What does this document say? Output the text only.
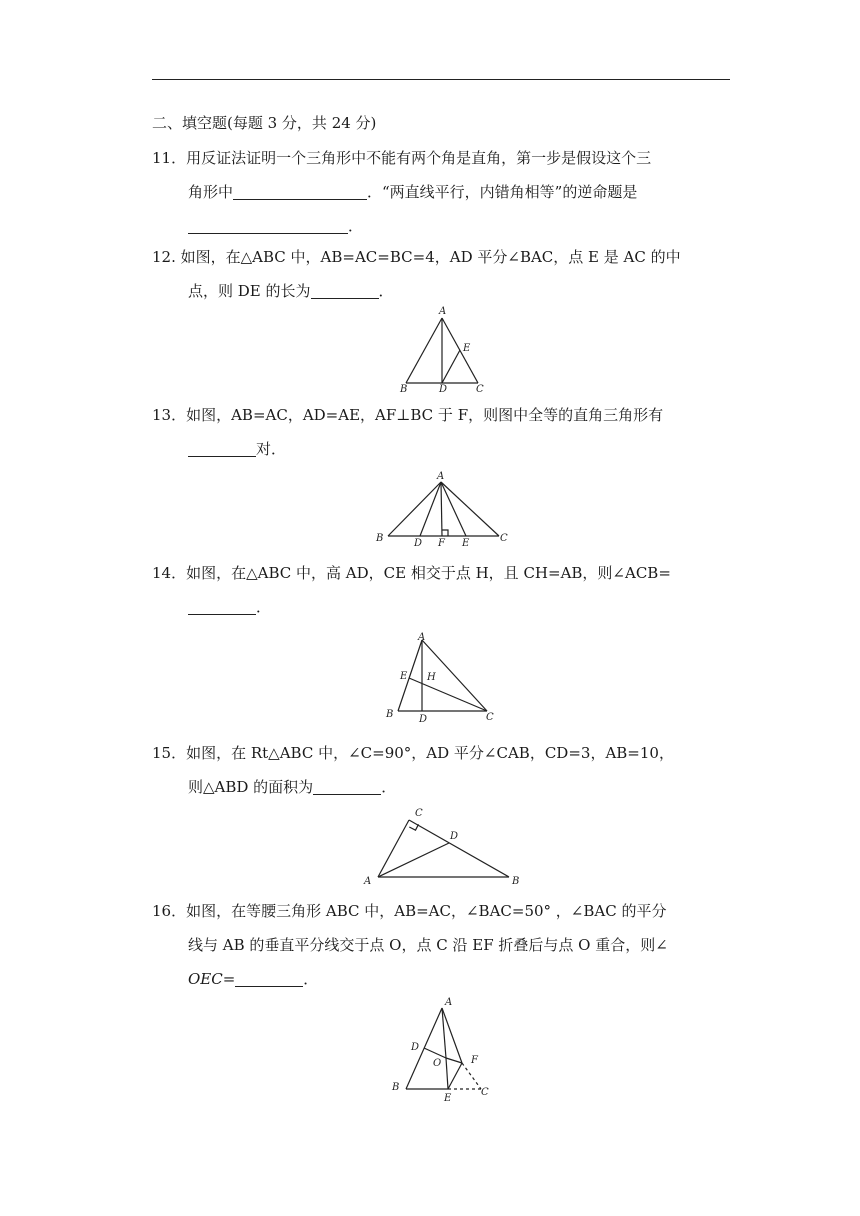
二、填空题(每题 3 分，共 24 分)
11．用反证法证明一个三角形中不能有两个角是直角，第一步是假设这个三
角形中	．“两直线平行，内错角相等”的逆命题是
．
12. 如图，在△ABC 中，AB=AC=BC=4，AD 平分∠BAC，点 E 是 AC 的中
点，则 DE 的长为	．
A
E
B	D	C
13．如图，AB=AC，AD=AE，AF⊥BC 于 F，则图中全等的直角三角形有
对．
A
B	D F E	C
14．如图，在△ABC 中，高 AD，CE 相交于点 H，且 CH=AB，则∠ACB=
．
A
E H
B	D	C
15．如图，在 Rt△ABC 中，∠C=90°，AD 平分∠CAB，CD=3，AB=10，
则△ABD 的面积为	．
C
D
A	B
16．如图，在等腰三角形 ABC 中，AB=AC，∠BAC=50° ，∠BAC 的平分
线与 AB 的垂直平分线交于点 O，点 C 沿 EF 折叠后与点 O 重合，则∠
OEC=	．
A
D
O	F
B
E
C
